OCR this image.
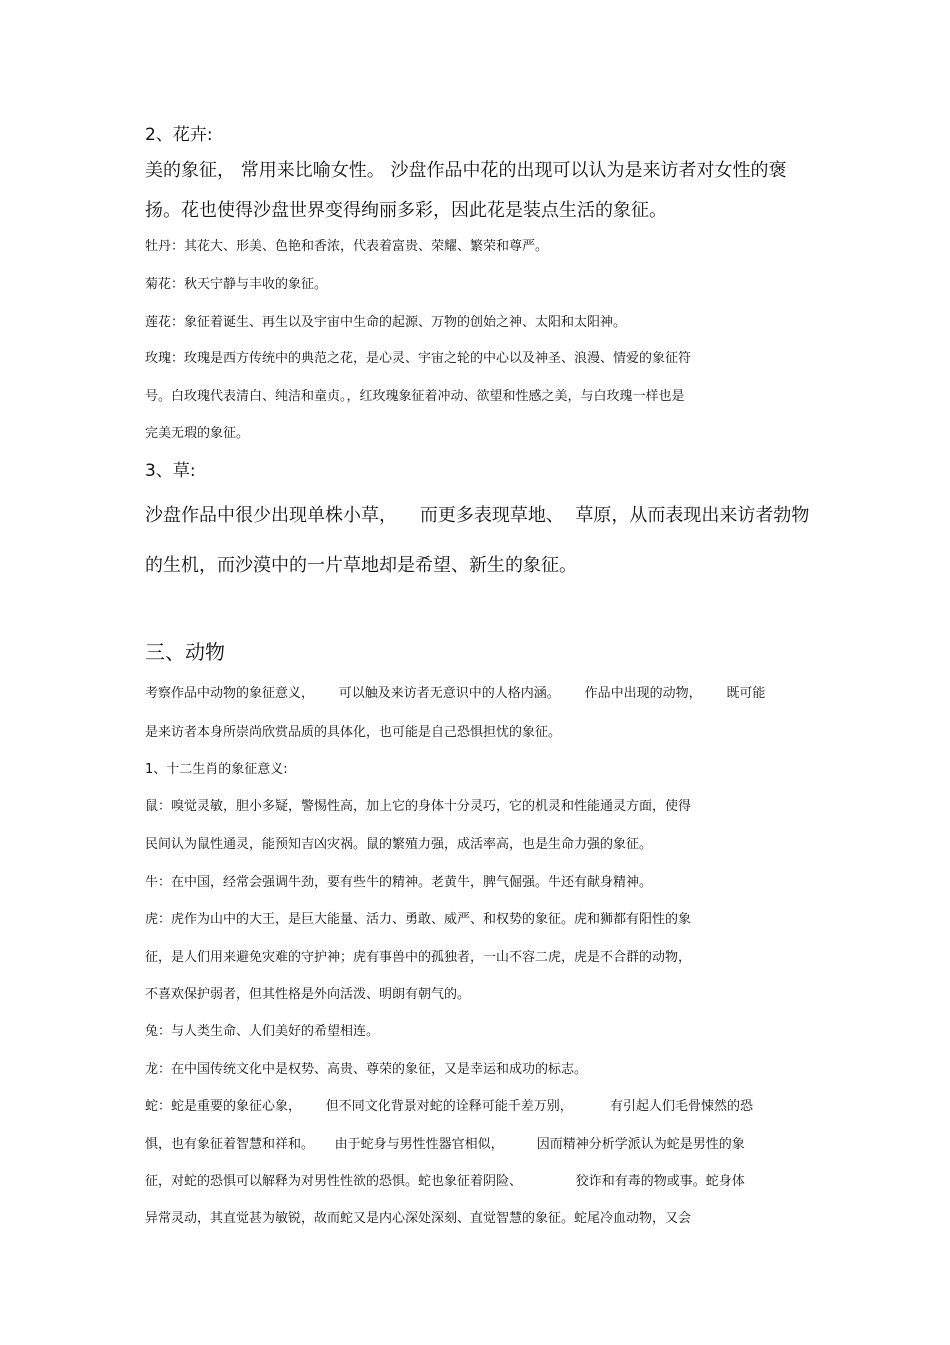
2、花卉:
美的象征， 常用来比喻女性。 沙盘作品中花的出现可以认为是来访者对女性的褒
扬。花也使得沙盘世界变得绚丽多彩，因此花是装点生活的象征。
牡丹：其花大、形美、色艳和香浓，代表着富贵、荣耀、繁荣和尊严。
菊花：秋天宁静与丰收的象征。
莲花：象征着诞生、再生以及宇宙中生命的起源、万物的创始之神、太阳和太阳神。
玫瑰：玫瑰是西方传统中的典范之花，是心灵、宇宙之轮的中心以及神圣、浪漫、情爱的象征符
号。白玫瑰代表清白、纯洁和童贞。，红玫瑰象征着冲动、欲望和性感之美，与白玫瑰一样也是
完美无瑕的象征。
3、草:
沙盘作品中很少出现单株小草，    而更多表现草地、  草原，从而表现出来访者勃物
的生机，而沙漠中的一片草地却是希望、新生的象征。
三、动物
考察作品中动物的象征意义，      可以触及来访者无意识中的人格内涵。      作品中出现的动物，      既可能
是来访者本身所崇尚欣赏品质的具体化，也可能是自己恐惧担忧的象征。
1、十二生肖的象征意义:
鼠：嗅觉灵敏，胆小多疑，警惕性高，加上它的身体十分灵巧，它的机灵和性能通灵方面，使得
民间认为鼠性通灵，能预知吉凶灾祸。鼠的繁殖力强，成活率高，也是生命力强的象征。
牛：在中国，经常会强调牛劲，要有些牛的精神。老黄牛，脾气倔强。牛还有献身精神。
虎：虎作为山中的大王，是巨大能量、活力、勇敢、威严、和权势的象征。虎和狮都有阳性的象
征，是人们用来避免灾难的守护神；虎有事兽中的孤独者，一山不容二虎，虎是不合群的动物，
不喜欢保护弱者，但其性格是外向活泼、明朗有朝气的。
兔：与人类生命、人们美好的希望相连。
龙：在中国传统文化中是权势、高贵、尊荣的象征，又是幸运和成功的标志。
蛇：蛇是重要的象征心象，      但不同文化背景对蛇的诠释可能千差万别，         有引起人们毛骨悚然的恐
惧，也有象征着智慧和祥和。     由于蛇身与男性性器官相似，        因而精神分析学派认为蛇是男性的象
征，对蛇的恐惧可以解释为对男性性欲的恐惧。蛇也象征着阴险、             狡诈和有毒的物或事。蛇身体
异常灵动，其直觉甚为敏锐，故而蛇又是内心深处深刻、直觉智慧的象征。蛇尾冷血动物，又会
